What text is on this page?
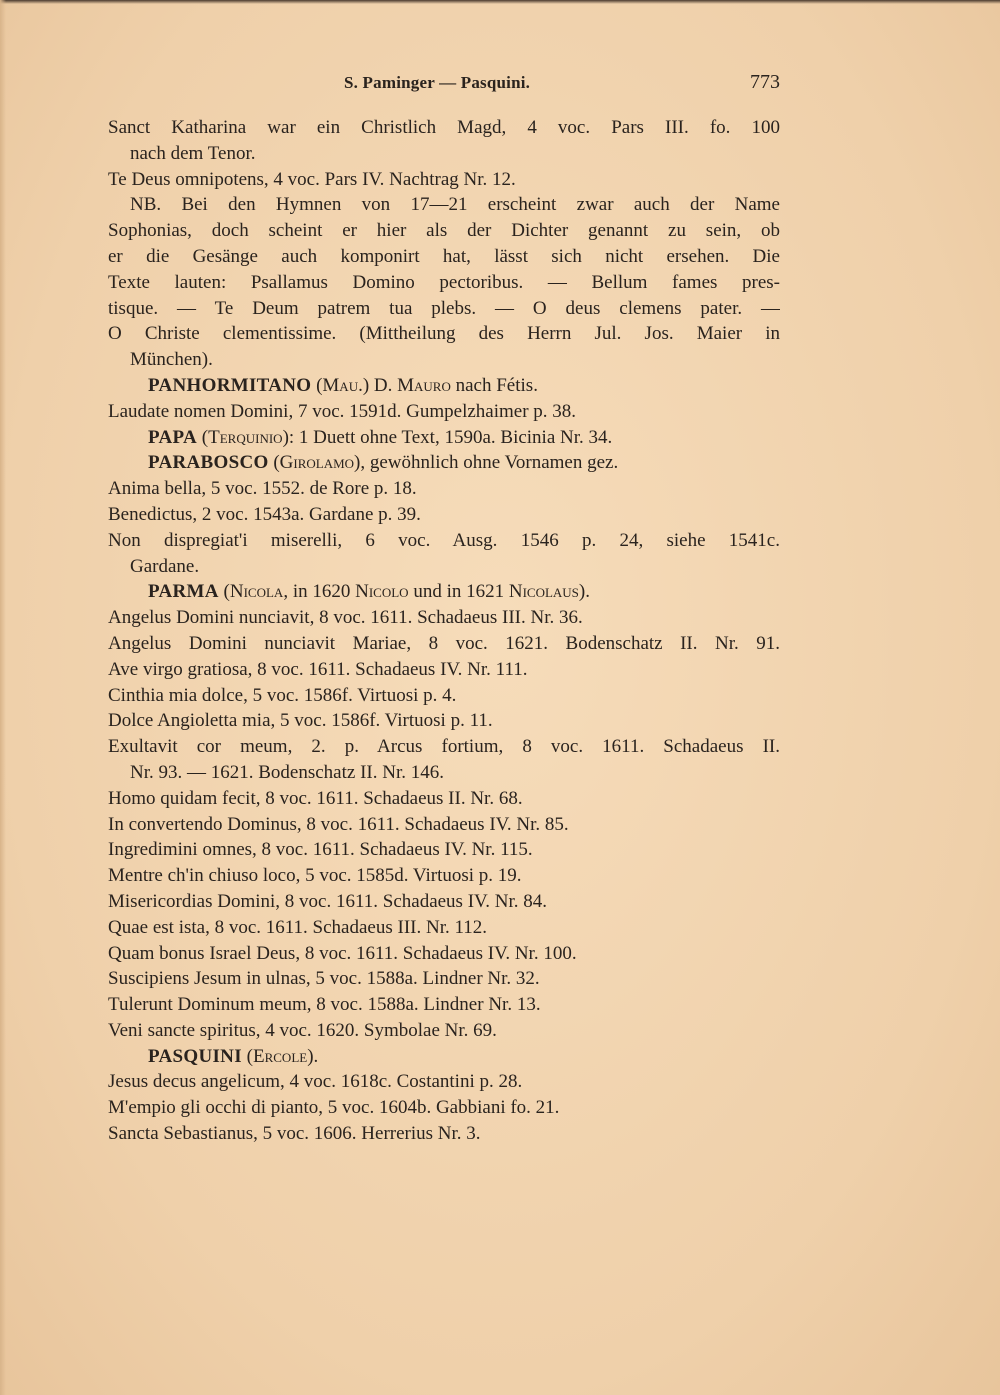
S. Paminger — Pasquini.	773
Sanct Katharina war ein Christlich Magd, 4 voc. Pars III. fo. 100
nach dem Tenor.
Te Deus omnipotens, 4 voc. Pars IV. Nachtrag Nr. 12.
NB. Bei den Hymnen von 17—21 erscheint zwar auch der Name
Sophonias, doch scheint er hier als der Dichter genannt zu sein, ob
er die Gesänge auch komponirt hat, lässt sich nicht ersehen. Die
Texte lauten: Psallamus Domino pectoribus. — Bellum fames pres-
tisque. — Te Deum patrem tua plebs. — O deus clemens pater. —
O Christe clementissime. (Mittheilung des Herrn Jul. Jos. Maier in
München).
PANHORMITANO (Mau.) D. Mauro nach Fétis.
Laudate nomen Domini, 7 voc. 1591d. Gumpelzhaimer p. 38.
PAPA (Terquinio): 1 Duett ohne Text, 1590a. Bicinia Nr. 34.
PARABOSCO (Girolamo), gewöhnlich ohne Vornamen gez.
Anima bella, 5 voc. 1552. de Rore p. 18.
Benedictus, 2 voc. 1543a. Gardane p. 39.
Non dispregiat'i miserelli, 6 voc. Ausg. 1546 p. 24, siehe 1541c.
Gardane.
PARMA (Nicola, in 1620 Nicolo und in 1621 Nicolaus).
Angelus Domini nunciavit, 8 voc. 1611. Schadaeus III. Nr. 36.
Angelus Domini nunciavit Mariae, 8 voc. 1621. Bodenschatz II. Nr. 91.
Ave virgo gratiosa, 8 voc. 1611. Schadaeus IV. Nr. 111.
Cinthia mia dolce, 5 voc. 1586f. Virtuosi p. 4.
Dolce Angioletta mia, 5 voc. 1586f. Virtuosi p. 11.
Exultavit cor meum, 2. p. Arcus fortium, 8 voc. 1611. Schadaeus II.
Nr. 93. — 1621. Bodenschatz II. Nr. 146.
Homo quidam fecit, 8 voc. 1611. Schadaeus II. Nr. 68.
In convertendo Dominus, 8 voc. 1611. Schadaeus IV. Nr. 85.
Ingredimini omnes, 8 voc. 1611. Schadaeus IV. Nr. 115.
Mentre ch'in chiuso loco, 5 voc. 1585d. Virtuosi p. 19.
Misericordias Domini, 8 voc. 1611. Schadaeus IV. Nr. 84.
Quae est ista, 8 voc. 1611. Schadaeus III. Nr. 112.
Quam bonus Israel Deus, 8 voc. 1611. Schadaeus IV. Nr. 100.
Suscipiens Jesum in ulnas, 5 voc. 1588a. Lindner Nr. 32.
Tulerunt Dominum meum, 8 voc. 1588a. Lindner Nr. 13.
Veni sancte spiritus, 4 voc. 1620. Symbolae Nr. 69.
PASQUINI (Ercole).
Jesus decus angelicum, 4 voc. 1618c. Costantini p. 28.
M'empio gli occhi di pianto, 5 voc. 1604b. Gabbiani fo. 21.
Sancta Sebastianus, 5 voc. 1606. Herrerius Nr. 3.
